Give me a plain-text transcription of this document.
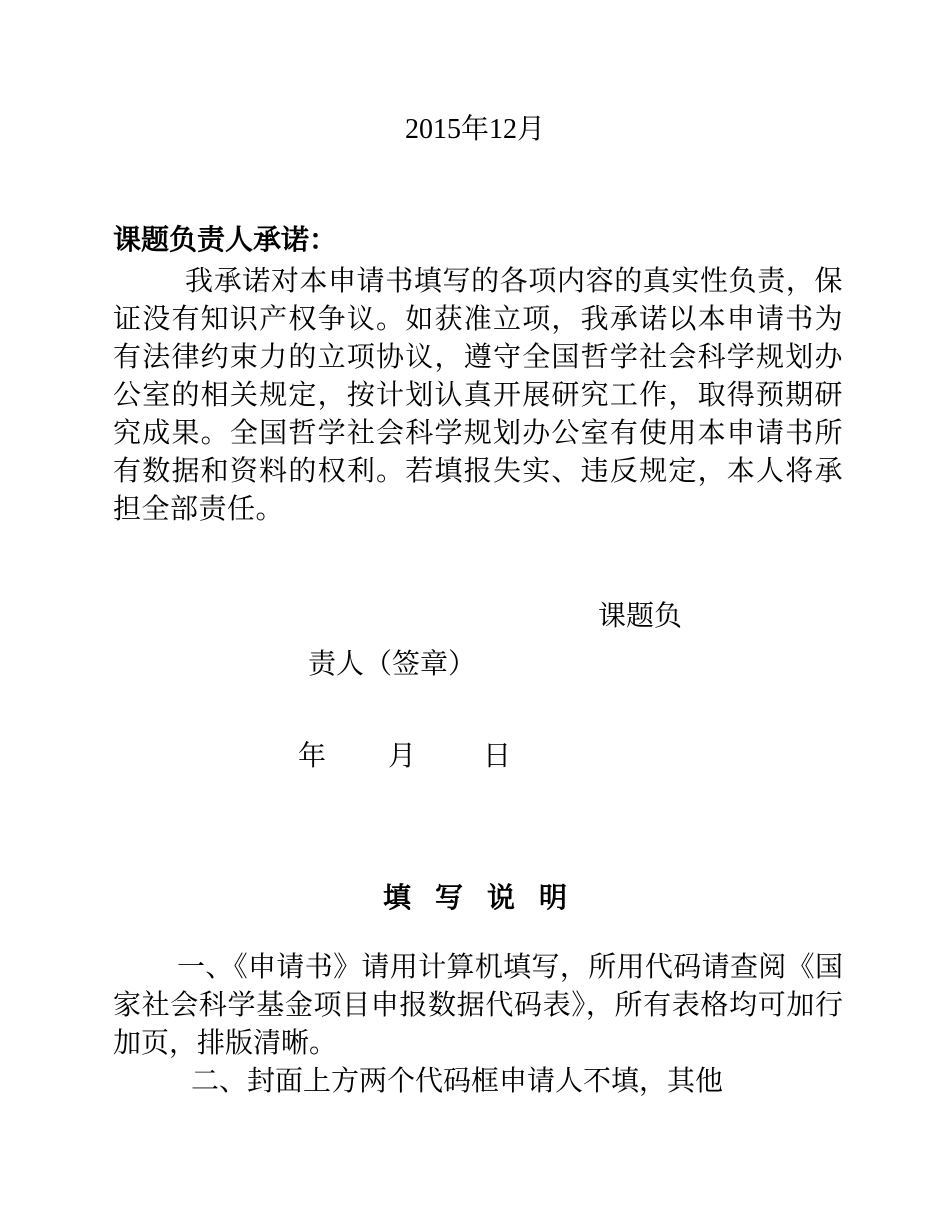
2015年12月
课题负责人承诺：
我承诺对本申请书填写的各项内容的真实性负责，保证没有知识产权争议。如获准立项，我承诺以本申请书为有法律约束力的立项协议，遵守全国哲学社会科学规划办公室的相关规定，按计划认真开展研究工作，取得预期研究成果。全国哲学社会科学规划办公室有使用本申请书所有数据和资料的权利。若填报失实、违反规定，本人将承担全部责任。
课题负
责人（签章）
年 月 日
填写说明
一、《申请书》请用计算机填写，所用代码请查阅《国家社会科学基金项目申报数据代码表》，所有表格均可加行加页，排版清晰。
二、封面上方两个代码框申请人不填，其他
